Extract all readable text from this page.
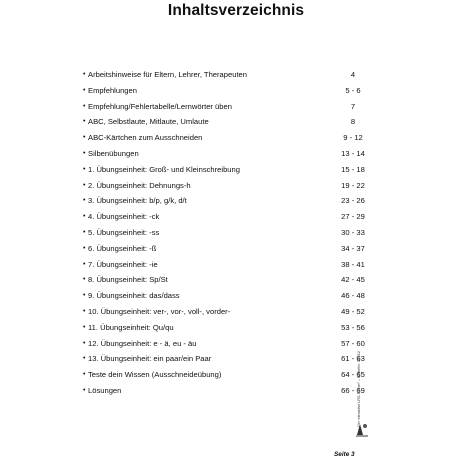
Inhaltsverzeichnis
• Arbeitshinweise für Eltern, Lehrer, Therapeuten	4
• Empfehlungen	5 - 6
• Empfehlung/Fehlertabelle/Lernwörter üben	7
• ABC, Selbstlaute, Mitlaute, Umlaute	8
• ABC-Kärtchen zum Ausschneiden	9 - 12
• Silbenübungen	13 - 14
• 1. Übungseinheit: Groß- und Kleinschreibung	15 - 18
• 2. Übungseinheit: Dehnungs-h	19 - 22
• 3. Übungseinheit: b/p, g/k, d/t	23 - 26
• 4. Übungseinheit: -ck	27 - 29
• 5. Übungseinheit: -ss	30 - 33
• 6. Übungseinheit: -ß	34 - 37
• 7. Übungseinheit: -ie	38 - 41
• 8. Übungseinheit: Sp/St	42 - 45
• 9. Übungseinheit: das/dass	46 - 48
• 10. Übungseinheit: ver-, vor-, voll-, vorder-	49 - 52
• 11. Übungseinheit: Qu/qu	53 - 56
• 12. Übungseinheit: e - ä, eu - äu	57 - 60
• 13. Übungseinheit: ein paar/ein Paar	61 - 63
• Teste dein Wissen (Ausschneideübung)	64 - 65
• Lösungen	66 - 69
„Der interaktive LRS-Trainer" – Bestellnr. 16 212
Seite 3
